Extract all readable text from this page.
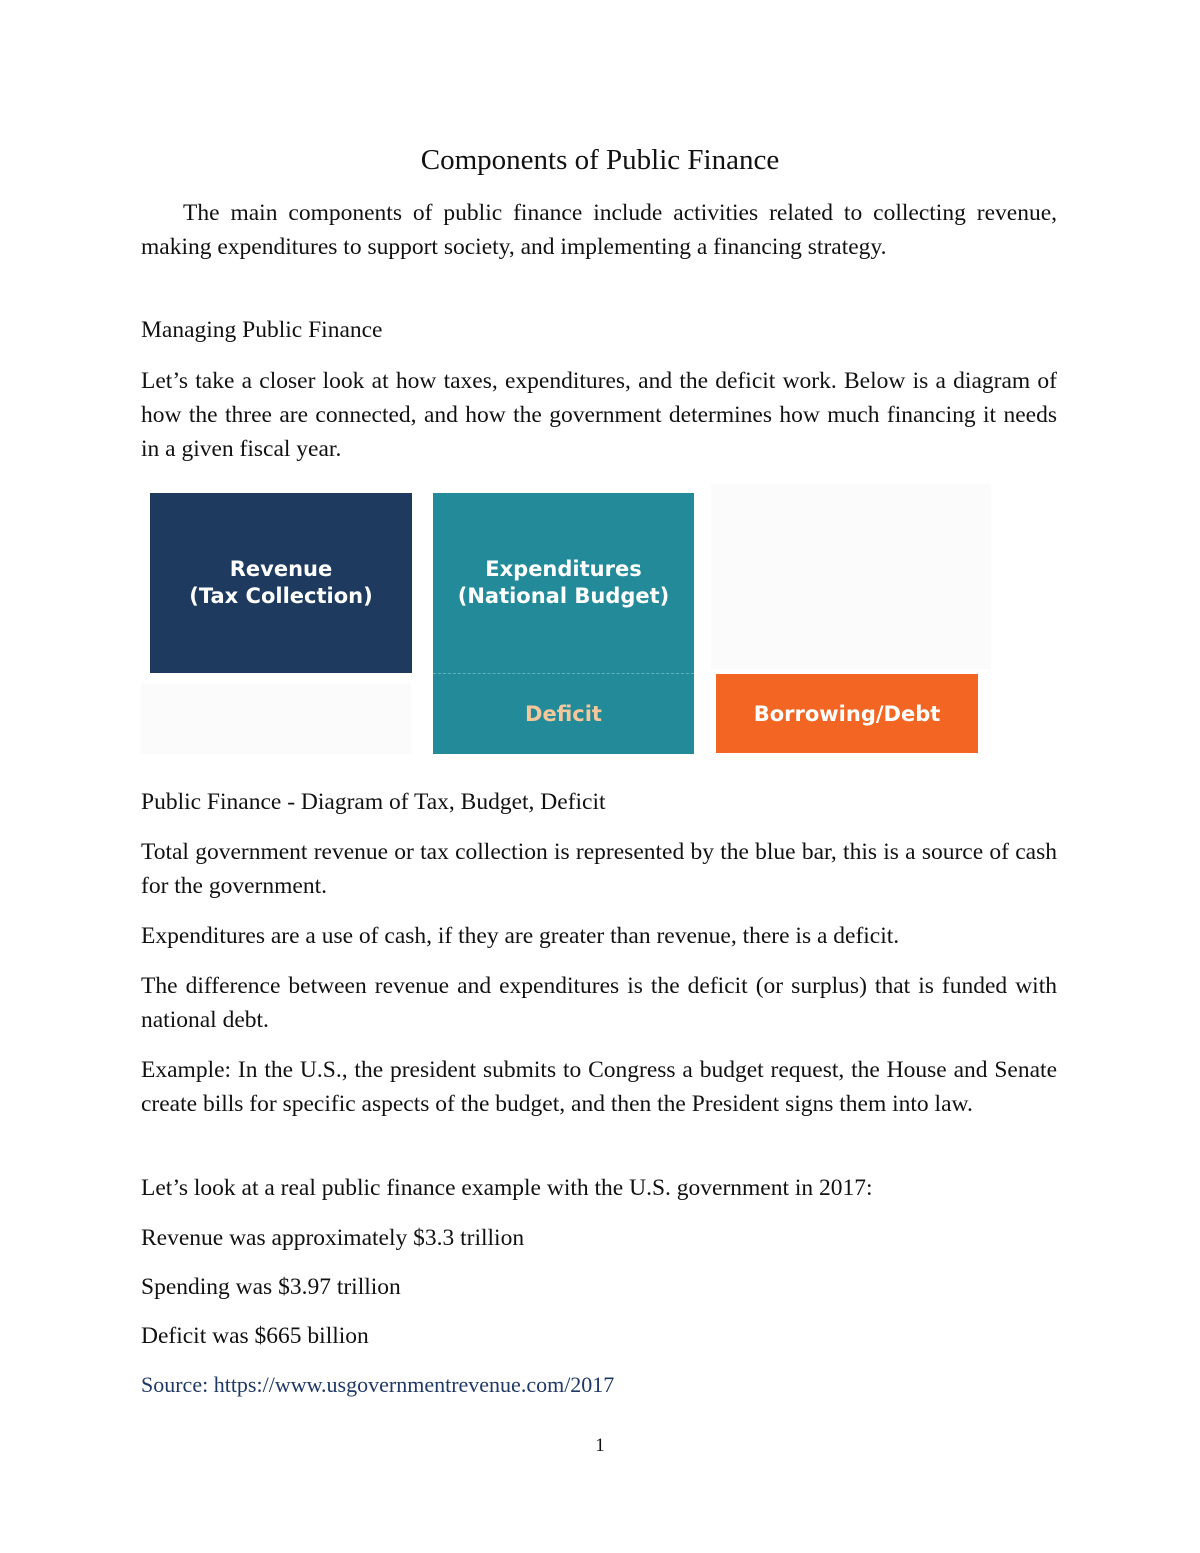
Components of Public Finance

The main components of public finance include activities related to collecting revenue, making expenditures to support society, and implementing a financing strategy.

Managing Public Finance

Let’s take a closer look at how taxes, expenditures, and the deficit work. Below is a diagram of how the three are connected, and how the government determines how much financing it needs in a given fiscal year.

Revenue
(Tax Collection)
Expenditures
(National Budget)
Deficit	Borrowing/Debt

Public Finance - Diagram of Tax, Budget, Deficit

Total government revenue or tax collection is represented by the blue bar, this is a source of cash for the government.

Expenditures are a use of cash, if they are greater than revenue, there is a deficit.

The difference between revenue and expenditures is the deficit (or surplus) that is funded with national debt.

Example: In the U.S., the president submits to Congress a budget request, the House and Senate create bills for specific aspects of the budget, and then the President signs them into law.

Let’s look at a real public finance example with the U.S. government in 2017:

Revenue was approximately $3.3 trillion

Spending was $3.97 trillion

Deficit was $665 billion

Source: https://www.usgovernmentrevenue.com/2017

1
